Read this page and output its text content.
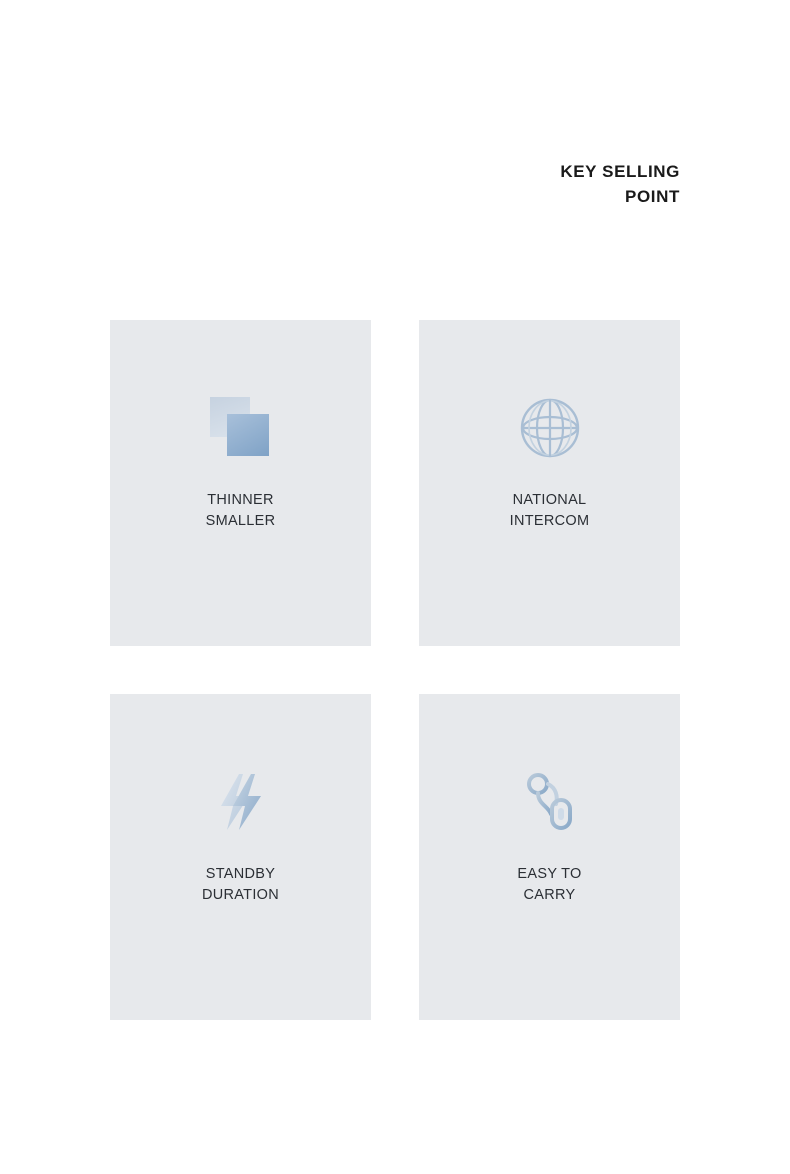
KEY SELLING
POINT
THINNER
SMALLER
NATIONAL
INTERCOM
STANDBY
DURATION
EASY TO
CARRY
